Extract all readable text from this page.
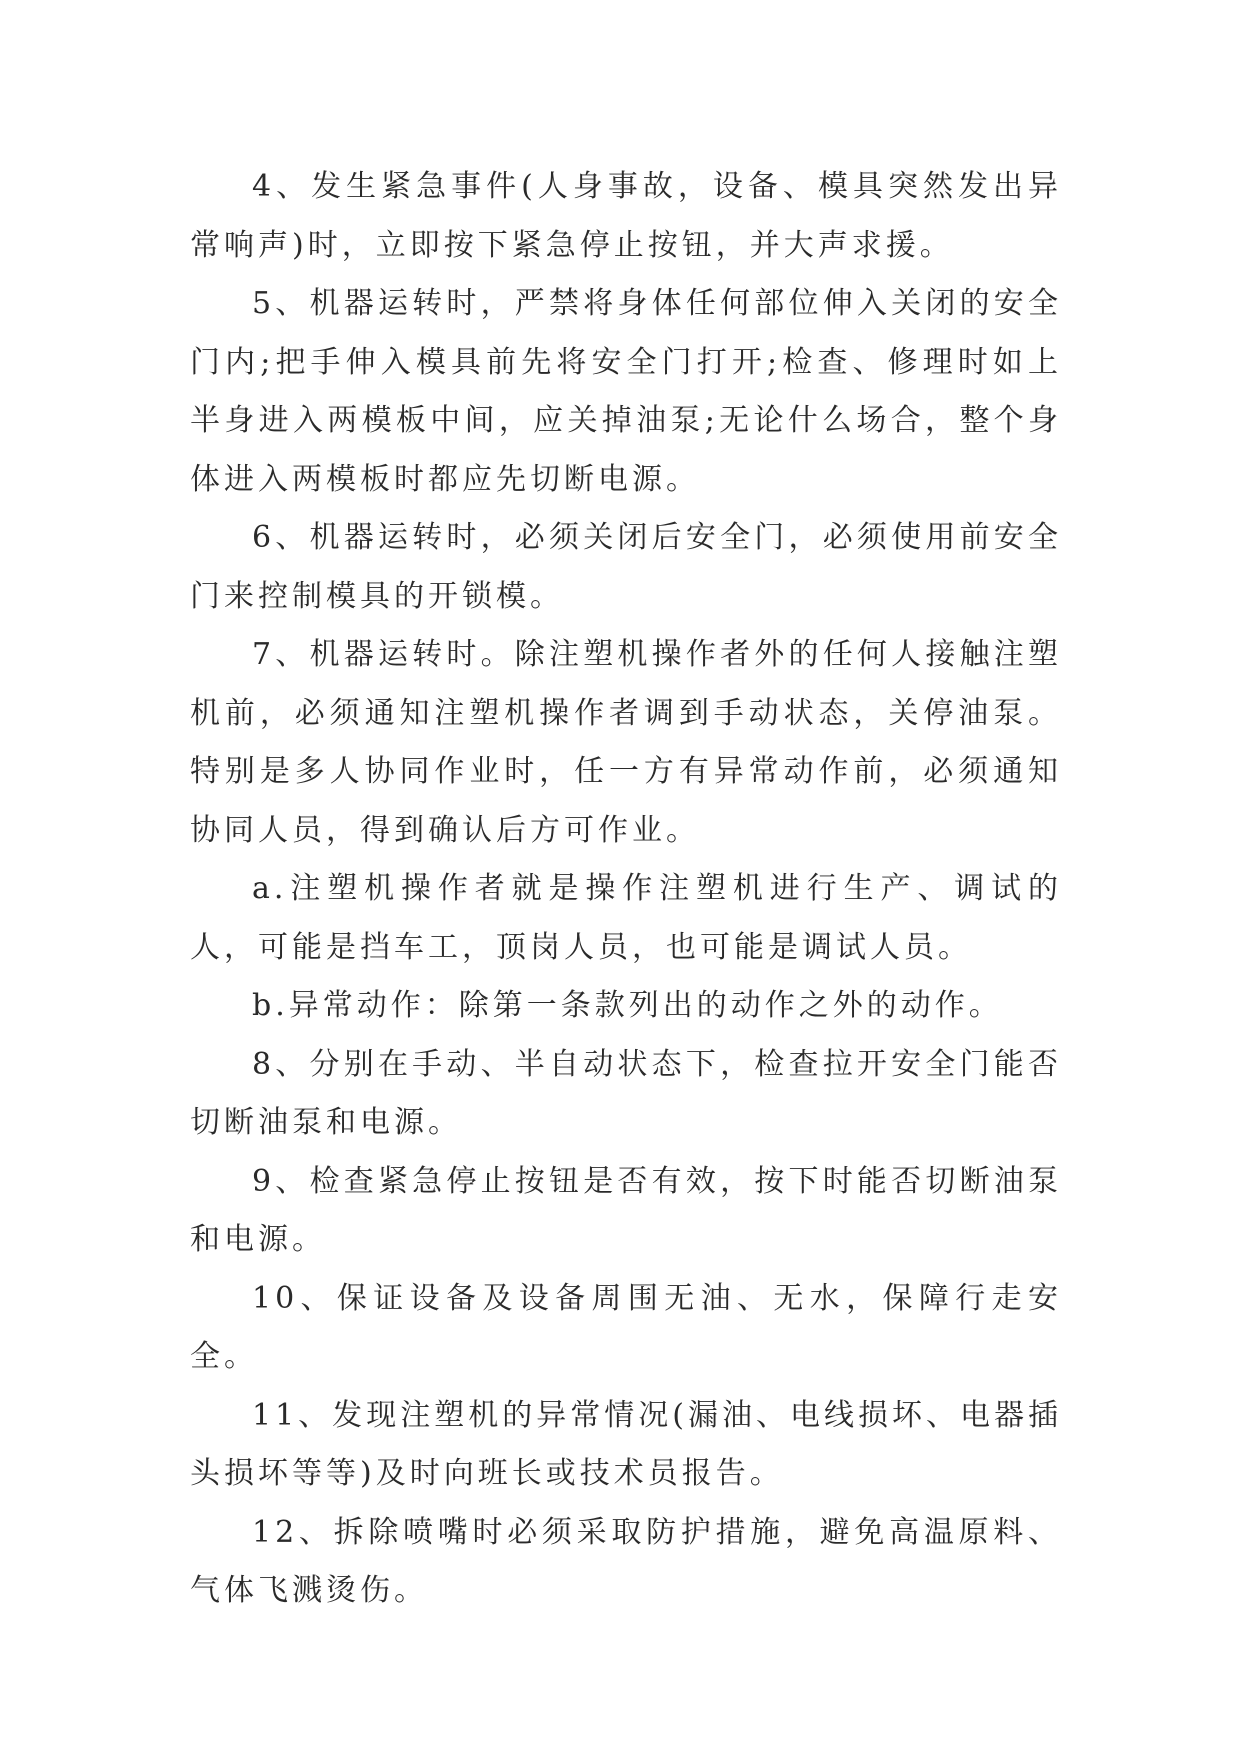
4、发生紧急事件(人身事故，设备、模具突然发出异常响声)时，立即按下紧急停止按钮，并大声求援。

5、机器运转时，严禁将身体任何部位伸入关闭的安全门内;把手伸入模具前先将安全门打开;检查、修理时如上半身进入两模板中间，应关掉油泵;无论什么场合，整个身体进入两模板时都应先切断电源。

6、机器运转时，必须关闭后安全门，必须使用前安全门来控制模具的开锁模。

7、机器运转时。除注塑机操作者外的任何人接触注塑机前，必须通知注塑机操作者调到手动状态，关停油泵。特别是多人协同作业时，任一方有异常动作前，必须通知协同人员，得到确认后方可作业。

a.注塑机操作者就是操作注塑机进行生产、调试的人，可能是挡车工，顶岗人员，也可能是调试人员。

b.异常动作：除第一条款列出的动作之外的动作。

8、分别在手动、半自动状态下，检查拉开安全门能否切断油泵和电源。

9、检查紧急停止按钮是否有效，按下时能否切断油泵和电源。

10、保证设备及设备周围无油、无水，保障行走安全。

11、发现注塑机的异常情况(漏油、电线损坏、电器插头损坏等等)及时向班长或技术员报告。

12、拆除喷嘴时必须采取防护措施，避免高温原料、气体飞溅烫伤。
